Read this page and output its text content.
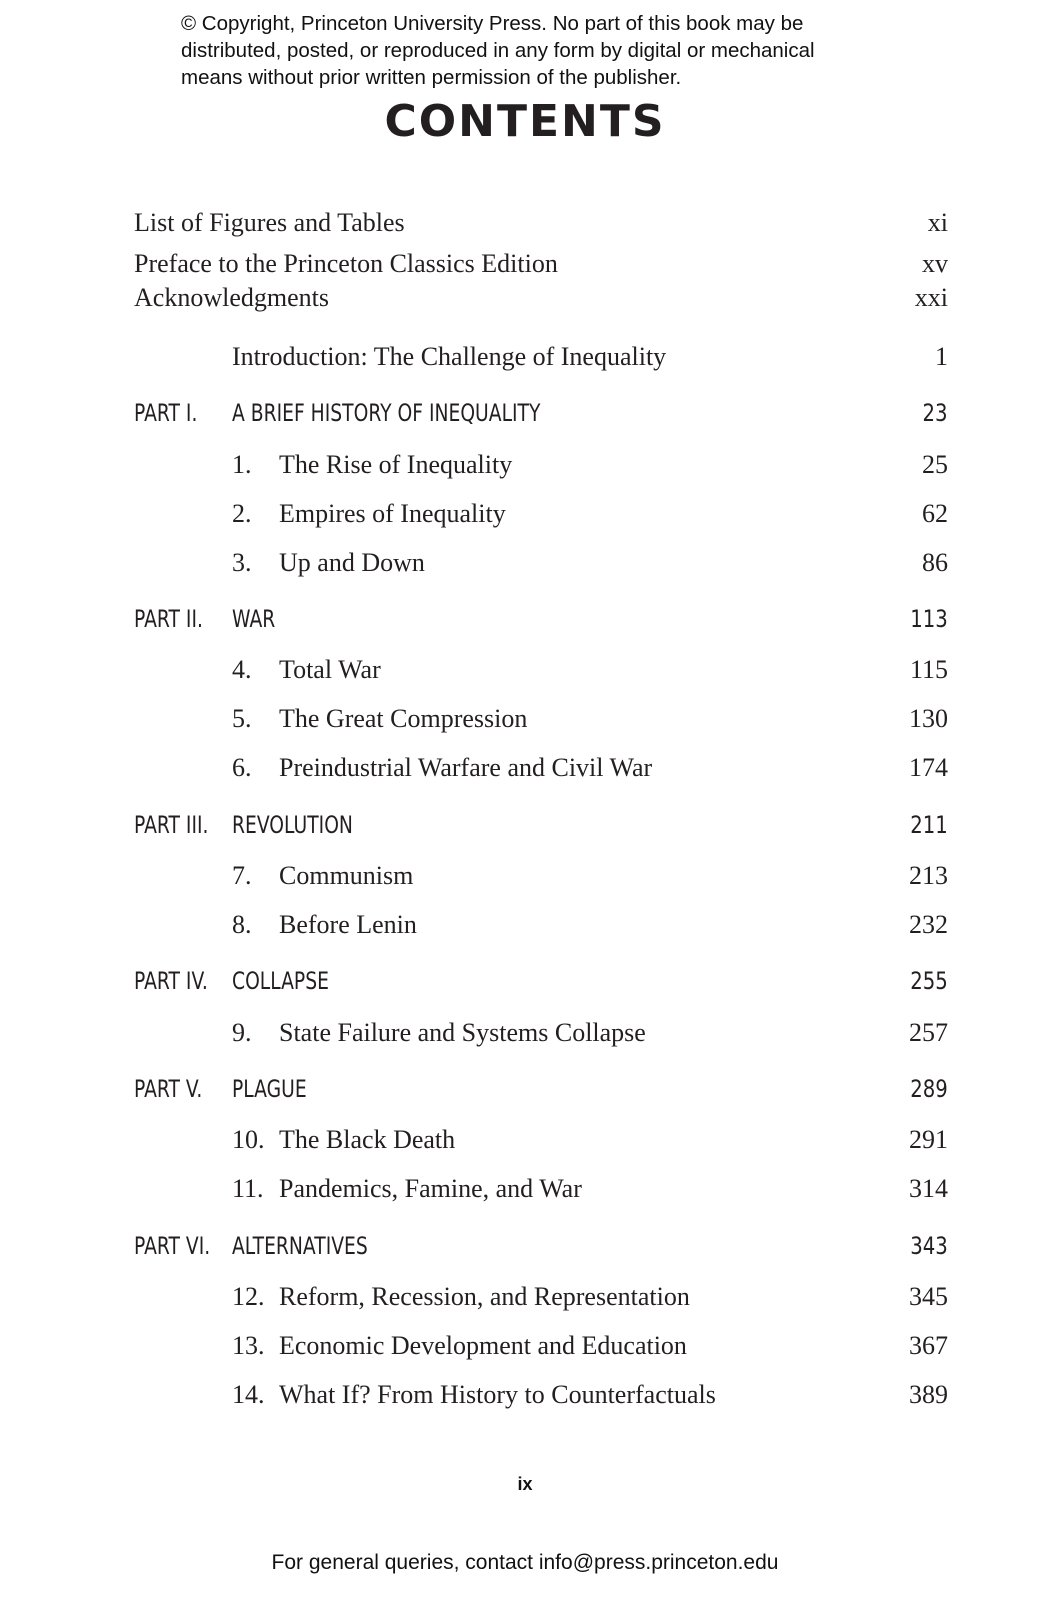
© Copyright, Princeton University Press. No part of this book may be
distributed, posted, or reproduced in any form by digital or mechanical
means without prior written permission of the publisher.
CONTENTS
List of Figures and Tables	xi
Preface to the Princeton Classics Edition	xv
Acknowledgments	xxi
Introduction: The Challenge of Inequality	1
PART I. A BRIEF HISTORY OF INEQUALITY	23
1. The Rise of Inequality	25
2. Empires of Inequality	62
3. Up and Down	86
PART II. WAR	113
4. Total War	115
5. The Great Compression	130
6. Preindustrial Warfare and Civil War	174
PART III. REVOLUTION	211
7. Communism	213
8. Before Lenin	232
PART IV. COLLAPSE	255
9. State Failure and Systems Collapse	257
PART V. PLAGUE	289
10. The Black Death	291
11. Pandemics, Famine, and War	314
PART VI. ALTERNATIVES	343
12. Reform, Recession, and Representation	345
13. Economic Development and Education	367
14. What If? From History to Counterfactuals	389
ix
For general queries, contact info@press.princeton.edu
